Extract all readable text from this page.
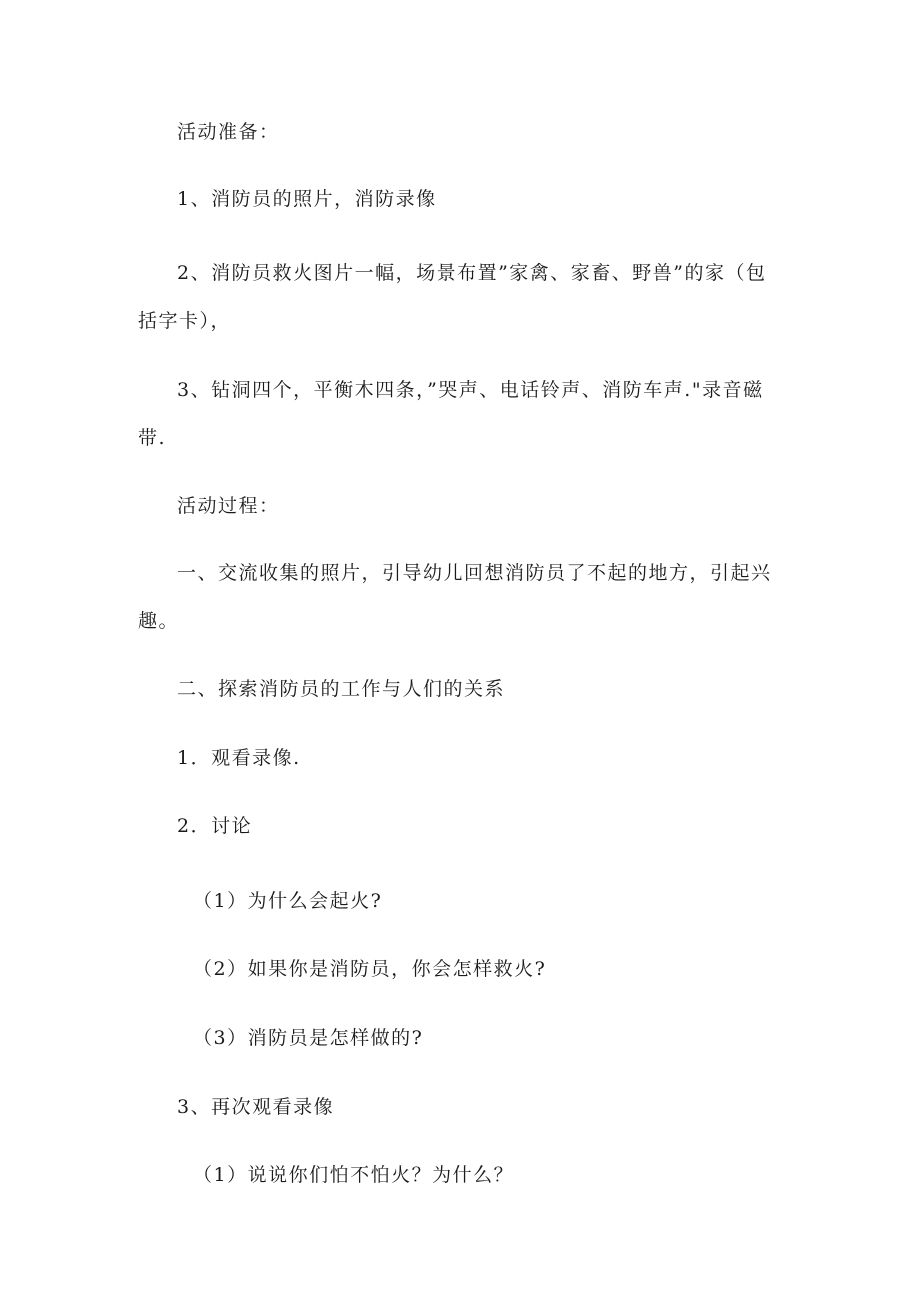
活动准备：
1、消防员的照片，消防录像
2、消防员救火图片一幅，场景布置”家禽、家畜、野兽”的家（包
括字卡），
3、钻洞四个，平衡木四条，”哭声、电话铃声、消防车声."录音磁
带.
活动过程：
一、交流收集的照片，引导幼儿回想消防员了不起的地方，引起兴
趣。
二、探索消防员的工作与人们的关系
1．观看录像.
2．讨论
（1）为什么会起火?
（2）如果你是消防员，你会怎样救火?
（3）消防员是怎样做的?
3、再次观看录像
（1）说说你们怕不怕火？为什么？
